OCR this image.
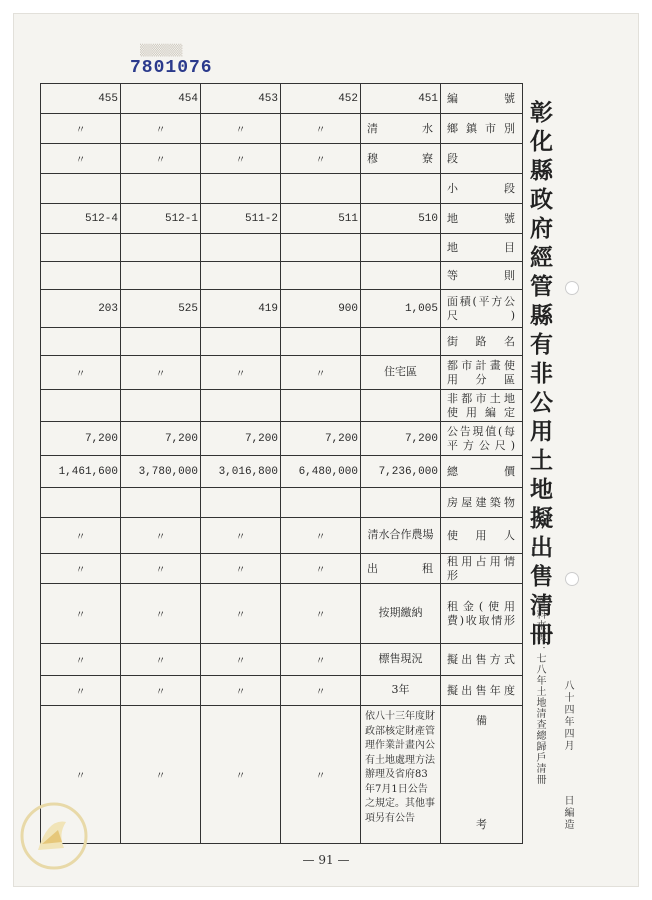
▒▒▒▒▒
7801076
455	454	453	452	451	編號
〃	〃	〃	〃	清水	鄉鎮市別
〃	〃	〃	〃	穆寮	段
					小段
512-4	512-1	511-2	511	510	地號
					地目
					等則
203	525	419	900	1,005	面積(平方公尺)
					街路名
〃	〃	〃	〃	住宅區	都市計畫使用分區
					非都市土地使用編定
7,200	7,200	7,200	7,200	7,200	公告現值(每平方公尺)
1,461,600	3,780,000	3,016,800	6,480,000	7,236,000	總價
					房屋建築物
〃	〃	〃	〃	清水合作農場	使用人
〃	〃	〃	〃	出租	租用占用情形
〃	〃	〃	〃	按期繳納	租金(使用費)收取情形
〃	〃	〃	〃	標售現況	擬出售方式
〃	〃	〃	〃	3年	擬出售年度
〃	〃	〃	〃	依八十三年度財政部核定財產管理作業計畫內公有土地處理方法辦理及省府83年7月1日公告之規定。其他事項另有公告	備
考
彰化縣政府經管縣有非公用土地擬出售清冊
資料來源：七八年土地清查總歸戶清冊 八十四年四月
日編造
— 91 —
